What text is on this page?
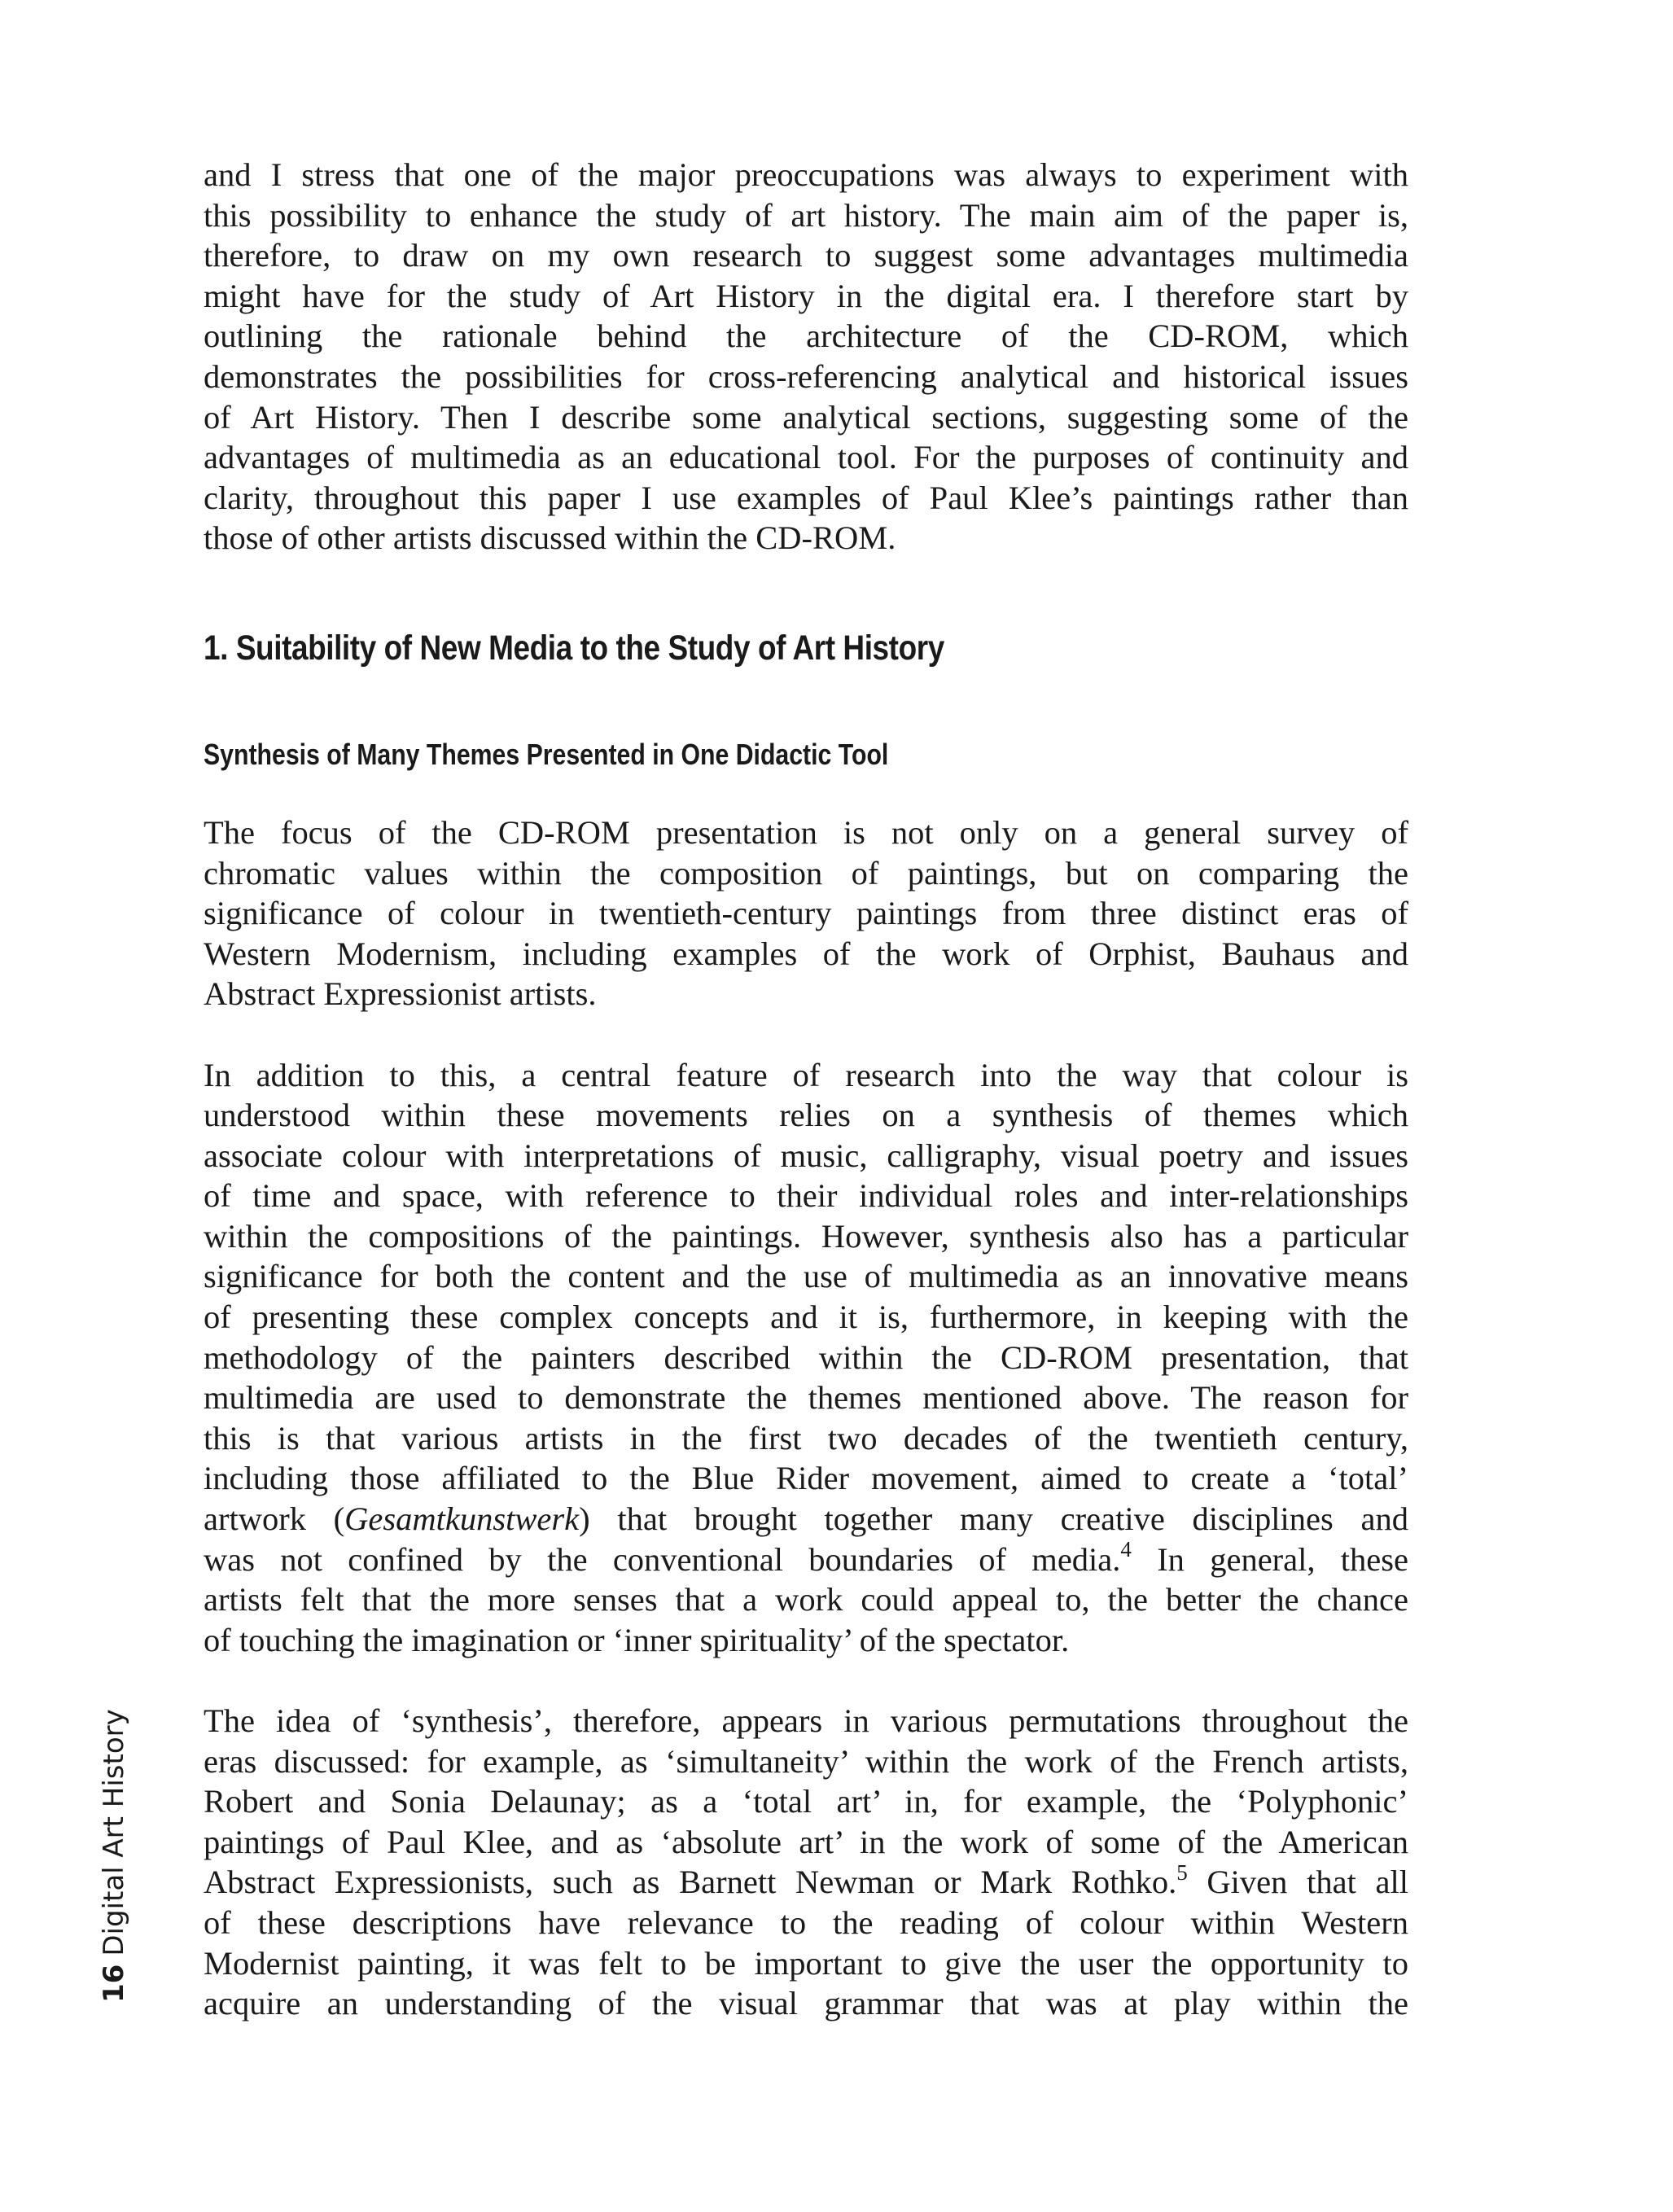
and I stress that one of the major preoccupations was always to experiment with
this possibility to enhance the study of art history. The main aim of the paper is,
therefore, to draw on my own research to suggest some advantages multimedia
might have for the study of Art History in the digital era. I therefore start by
outlining the rationale behind the architecture of the CD-ROM, which
demonstrates the possibilities for cross-referencing analytical and historical issues
of Art History. Then I describe some analytical sections, suggesting some of the
advantages of multimedia as an educational tool. For the purposes of continuity and
clarity, throughout this paper I use examples of Paul Klee’s paintings rather than
those of other artists discussed within the CD-ROM.
1. Suitability of New Media to the Study of Art History
Synthesis of Many Themes Presented in One Didactic Tool
The focus of the CD-ROM presentation is not only on a general survey of
chromatic values within the composition of paintings, but on comparing the
significance of colour in twentieth-century paintings from three distinct eras of
Western Modernism, including examples of the work of Orphist, Bauhaus and
Abstract Expressionist artists.
In addition to this, a central feature of research into the way that colour is
understood within these movements relies on a synthesis of themes which
associate colour with interpretations of music, calligraphy, visual poetry and issues
of time and space, with reference to their individual roles and inter-relationships
within the compositions of the paintings. However, synthesis also has a particular
significance for both the content and the use of multimedia as an innovative means
of presenting these complex concepts and it is, furthermore, in keeping with the
methodology of the painters described within the CD-ROM presentation, that
multimedia are used to demonstrate the themes mentioned above. The reason for
this is that various artists in the first two decades of the twentieth century,
including those affiliated to the Blue Rider movement, aimed to create a ‘total’
artwork (Gesamtkunstwerk) that brought together many creative disciplines and
was not confined by the conventional boundaries of media.$^4$ In general, these
artists felt that the more senses that a work could appeal to, the better the chance
of touching the imagination or ‘inner spirituality’ of the spectator.
The idea of ‘synthesis’, therefore, appears in various permutations throughout the
eras discussed: for example, as ‘simultaneity’ within the work of the French artists,
Robert and Sonia Delaunay; as a ‘total art’ in, for example, the ‘Polyphonic’
paintings of Paul Klee, and as ‘absolute art’ in the work of some of the American
Abstract Expressionists, such as Barnett Newman or Mark Rothko.$^5$ Given that all
of these descriptions have relevance to the reading of colour within Western
Modernist painting, it was felt to be important to give the user the opportunity to
acquire an understanding of the visual grammar that was at play within the
16Digital Art History
